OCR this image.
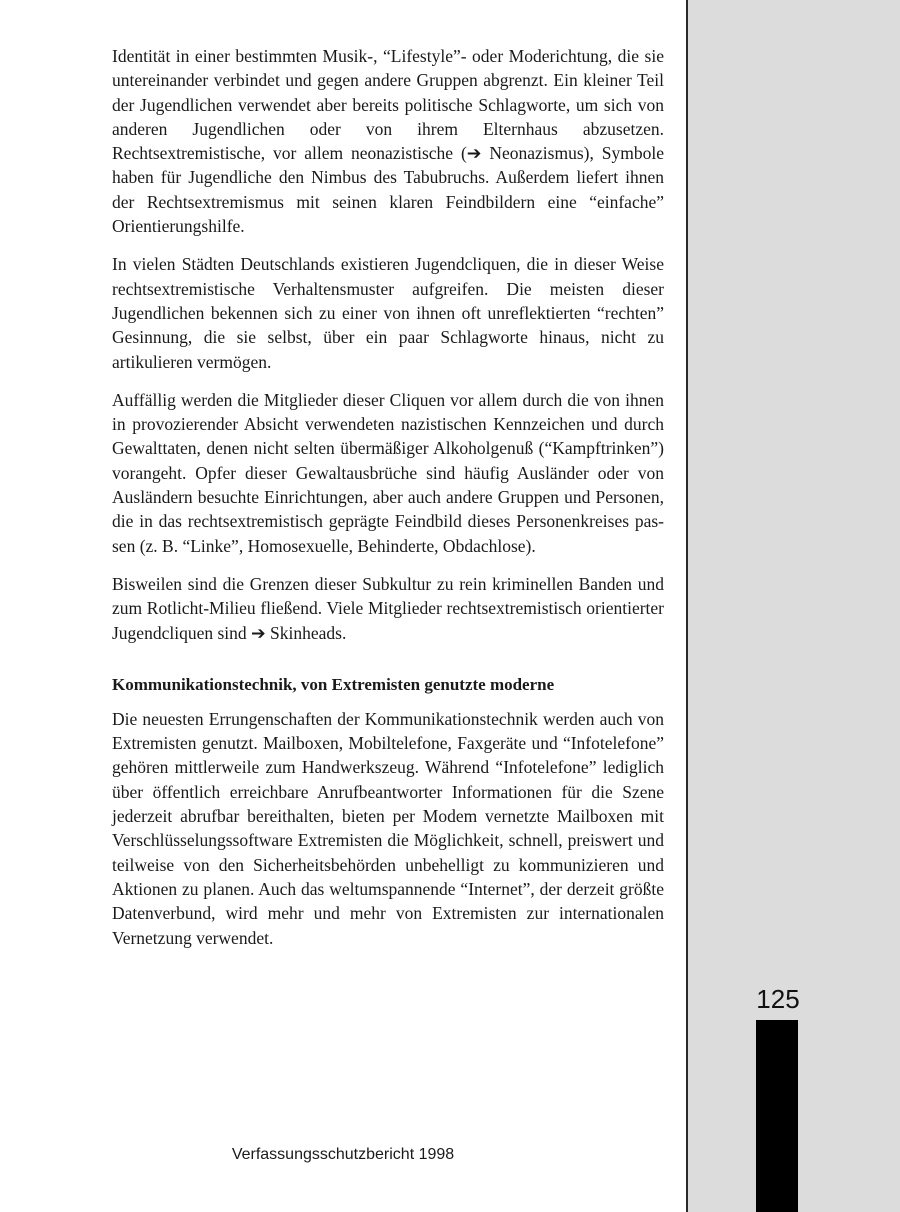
Identität in einer bestimmten Musik-, “Lifestyle”- oder Moderichtung, die sie untereinander verbindet und gegen andere Gruppen abgrenzt. Ein kleiner Teil der Jugendlichen verwendet aber bereits politische Schlagworte, um sich von anderen Jugendlichen oder von ihrem Elternhaus abzusetzen. Rechtsextremistische, vor allem neonazistische (➔ Neonazismus), Symbole haben für Jugendliche den Nimbus des Tabubruchs. Außerdem liefert ihnen der Rechtsextremismus mit seinen klaren Feindbildern eine “einfache” Orientierungshilfe.

In vielen Städten Deutschlands existieren Jugendcliquen, die in dieser Weise rechtsextremistische Verhaltensmuster aufgreifen. Die meisten dieser Jugendlichen bekennen sich zu einer von ihnen oft unreflektierten “rechten” Gesinnung, die sie selbst, über ein paar Schlagworte hinaus, nicht zu artikulieren vermögen.

Auffällig werden die Mitglieder dieser Cliquen vor allem durch die von ihnen in provozierender Absicht verwendeten nazistischen Kennzeichen und durch Gewalttaten, denen nicht selten übermäßiger Alkoholgenuß (“Kampftrinken”) vorangeht. Opfer dieser Gewaltausbrüche sind häufig Ausländer oder von Ausländern besuchte Einrichtungen, aber auch andere Gruppen und Personen, die in das rechtsextremistisch geprägte Feindbild dieses Personenkreises passen (z. B. “Linke”, Homosexuelle, Behinderte, Obdachlose).

Bisweilen sind die Grenzen dieser Subkultur zu rein kriminellen Banden und zum Rotlicht-Milieu fließend. Viele Mitglieder rechtsextremistisch orientierter Jugendcliquen sind ➔ Skinheads.

Kommunikationstechnik, von Extremisten genutzte moderne

Die neuesten Errungenschaften der Kommunikationstechnik werden auch von Extremisten genutzt. Mailboxen, Mobiltelefone, Faxgeräte und “Infotelefone” gehören mittlerweile zum Handwerkszeug. Während “Infotelefone” lediglich über öffentlich erreichbare Anrufbeantworter Informationen für die Szene jederzeit abrufbar bereithalten, bieten per Modem vernetzte Mailboxen mit Verschlüsselungssoftware Extremisten die Möglichkeit, schnell, preiswert und teilweise von den Sicherheitsbehörden unbehelligt zu kommunizieren und Aktionen zu planen. Auch das weltumspannende “Internet”, der derzeit größte Datenverbund, wird mehr und mehr von Extremisten zur internationalen Vernetzung verwendet.

Verfassungsschutzbericht 1998
125
